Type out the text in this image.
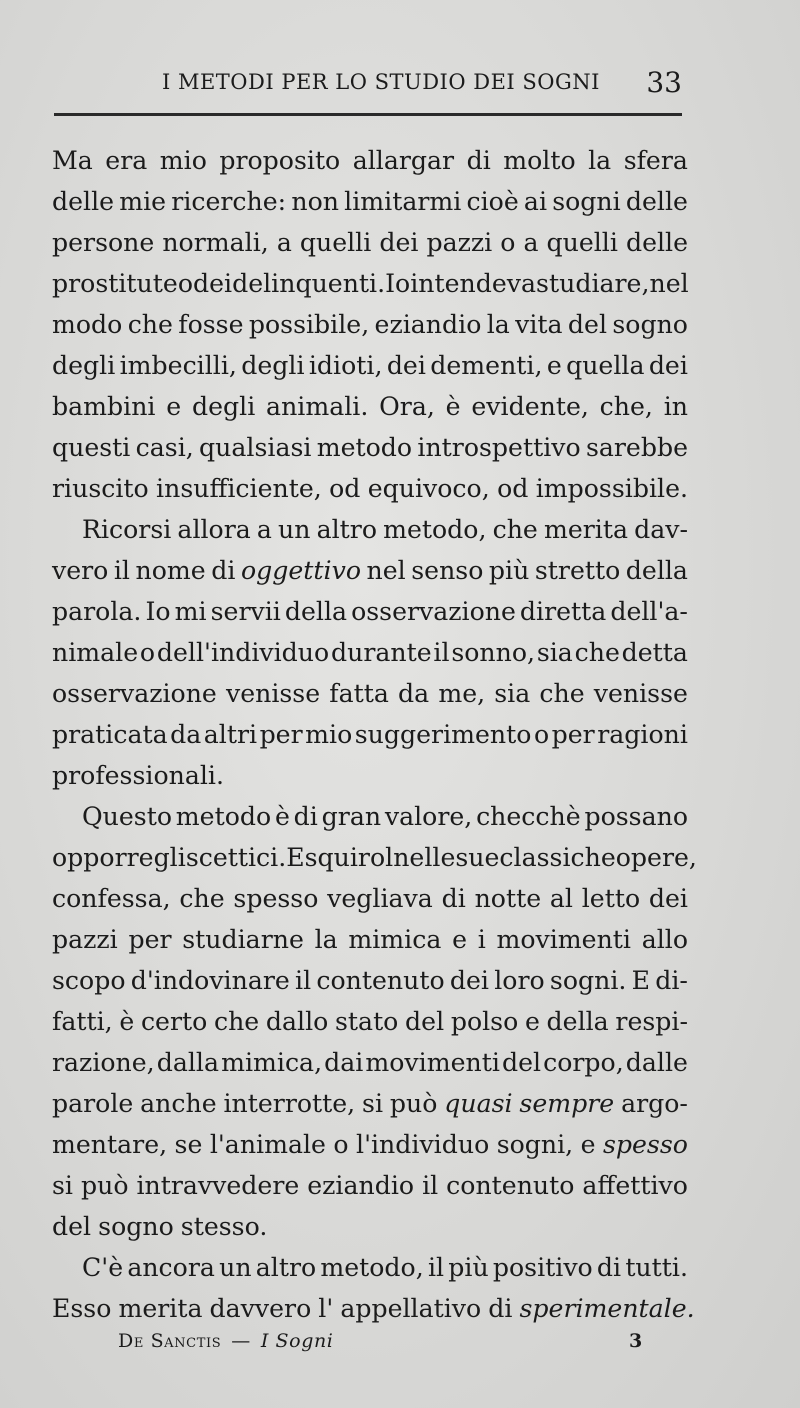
I METODI PER LO STUDIO DEI SOGNI 33
Ma era mio proposito allargar di molto la sfera
delle mie ricerche: non limitarmi cioè ai sogni delle
persone normali, a quelli dei pazzi o a quelli delle
prostitute o dei delinquenti. Io intendeva studiare, nel
modo che fosse possibile, eziandio la vita del sogno
degli imbecilli, degli idioti, dei dementi, e quella dei
bambini e degli animali. Ora, è evidente, che, in
questi casi, qualsiasi metodo introspettivo sarebbe
riuscito insufficiente, od equivoco, od impossibile.
Ricorsi allora a un altro metodo, che merita dav-
vero il nome di oggettivo nel senso più stretto della
parola. Io mi servii della osservazione diretta dell'a-
nimale o dell'individuo durante il sonno, sia che detta
osservazione venisse fatta da me, sia che venisse
praticata da altri per mio suggerimento o per ragioni
professionali.
Questo metodo è di gran valore, checchè possano
opporre gli scettici. Esquirol nelle sue classiche opere,
confessa, che spesso vegliava di notte al letto dei
pazzi per studiarne la mimica e i movimenti allo
scopo d'indovinare il contenuto dei loro sogni. E di-
fatti, è certo che dallo stato del polso e della respi-
razione, dalla mimica, dai movimenti del corpo, dalle
parole anche interrotte, si può quasi sempre argo-
mentare, se l'animale o l'individuo sogni, e spesso
si può intravvedere eziandio il contenuto affettivo
del sogno stesso.
C'è ancora un altro metodo, il più positivo di tutti.
Esso merita davvero l' appellativo di sperimentale.
De Sanctis — I Sogni	3
